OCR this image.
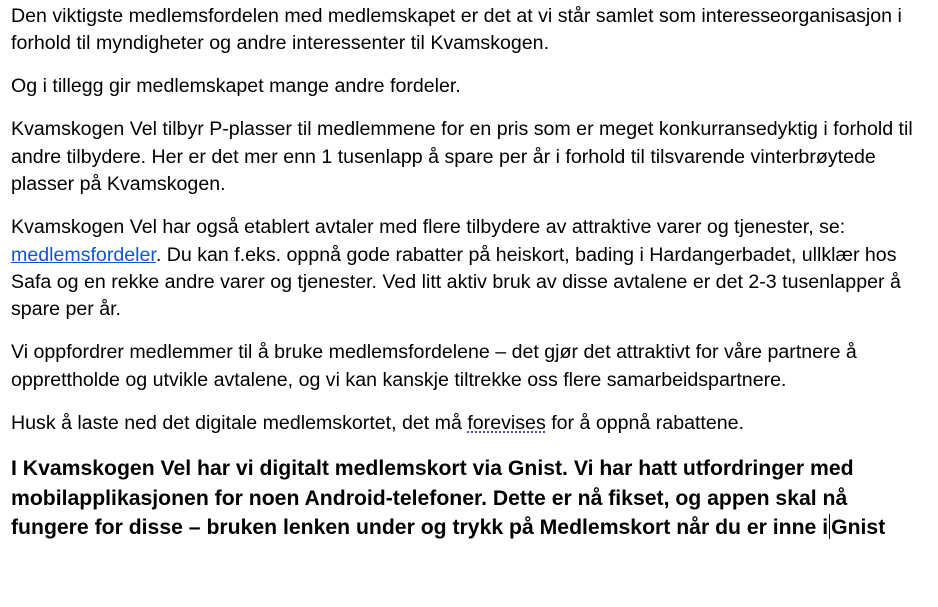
Den viktigste medlemsfordelen med medlemskapet er det at vi står samlet som interesseorganisasjon i forhold til myndigheter og andre interessenter til Kvamskogen.

Og i tillegg gir medlemskapet mange andre fordeler.

Kvamskogen Vel tilbyr P-plasser til medlemmene for en pris som er meget konkurransedyktig i forhold til andre tilbydere. Her er det mer enn 1 tusenlapp å spare per år i forhold til tilsvarende vinterbrøytede plasser på Kvamskogen.

Kvamskogen Vel har også etablert avtaler med flere tilbydere av attraktive varer og tjenester, se: medlemsfordeler. Du kan f.eks. oppnå gode rabatter på heiskort, bading i Hardangerbadet, ullklær hos Safa og en rekke andre varer og tjenester. Ved litt aktiv bruk av disse avtalene er det 2-3 tusenlapper å spare per år.

Vi oppfordrer medlemmer til å bruke medlemsfordelene – det gjør det attraktivt for våre partnere å opprettholde og utvikle avtalene, og vi kan kanskje tiltrekke oss flere samarbeidspartnere.

Husk å laste ned det digitale medlemskortet, det må forevises for å oppnå rabattene.

I Kvamskogen Vel har vi digitalt medlemskort via Gnist. Vi har hatt utfordringer med mobilapplikasjonen for noen Android-telefoner. Dette er nå fikset, og appen skal nå fungere for disse – bruken lenken under og trykk på Medlemskort når du er inne i Gnist
